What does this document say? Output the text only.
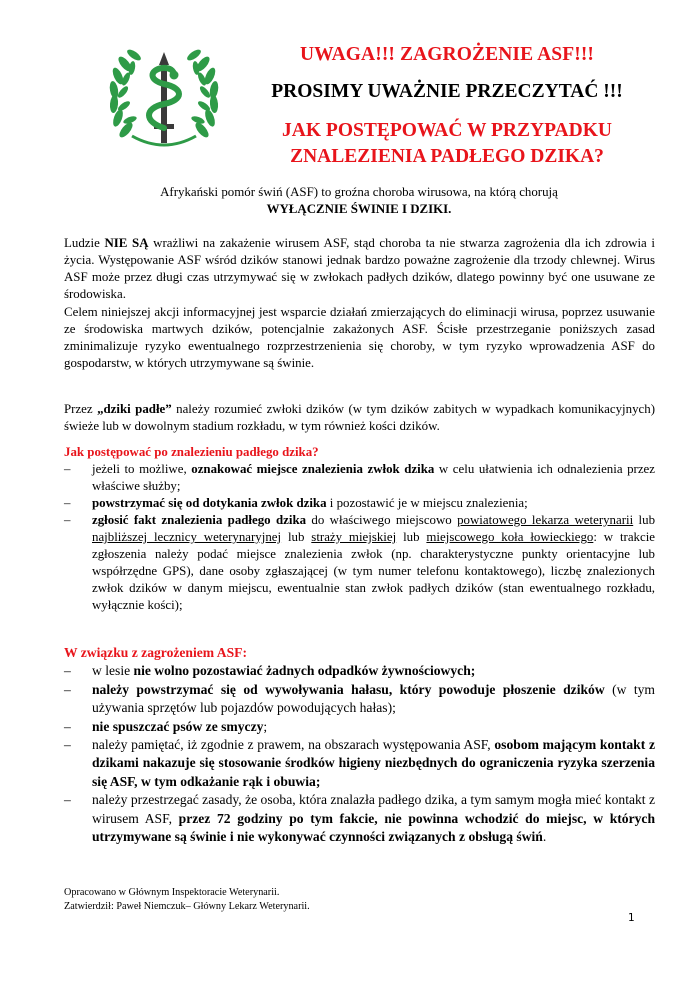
UWAGA!!! ZAGROŻENIE ASF!!!
PROSIMY UWAŻNIE PRZECZYTAĆ !!!
JAK POSTĘPOWAĆ W PRZYPADKU
ZNALEZIENIA PADŁEGO DZIKA?
Afrykański pomór świń (ASF) to groźna choroba wirusowa, na którą chorują
WYŁĄCZNIE ŚWINIE I DZIKI.
Ludzie NIE SĄ wrażliwi na zakażenie wirusem ASF, stąd choroba ta nie stwarza zagrożenia dla ich zdrowia i życia. Występowanie ASF wśród dzików stanowi jednak bardzo poważne zagrożenie dla trzody chlewnej. Wirus ASF może przez długi czas utrzymywać się w zwłokach padłych dzików, dlatego powinny być one usuwane ze środowiska.
Celem niniejszej akcji informacyjnej jest wsparcie działań zmierzających do eliminacji wirusa, poprzez usuwanie ze środowiska martwych dzików, potencjalnie zakażonych ASF. Ścisłe przestrzeganie poniższych zasad zminimalizuje ryzyko ewentualnego rozprzestrzenienia się choroby, w tym ryzyko wprowadzenia ASF do gospodarstw, w których utrzymywane są świnie.
Przez „dziki padłe” należy rozumieć zwłoki dzików (w tym dzików zabitych w wypadkach komunikacyjnych) świeże lub w dowolnym stadium rozkładu, w tym również kości dzików.
Jak postępować po znalezieniu padłego dzika?
– jeżeli to możliwe, oznakować miejsce znalezienia zwłok dzika w celu ułatwienia ich odnalezienia przez właściwe służby;
– powstrzymać się od dotykania zwłok dzika i pozostawić je w miejscu znalezienia;
– zgłosić fakt znalezienia padłego dzika do właściwego miejscowo powiatowego lekarza weterynarii lub najbliższej lecznicy weterynaryjnej lub straży miejskiej lub miejscowego koła łowieckiego: w trakcie zgłoszenia należy podać miejsce znalezienia zwłok (np. charakterystyczne punkty orientacyjne lub współrzędne GPS), dane osoby zgłaszającej (w tym numer telefonu kontaktowego), liczbę znalezionych zwłok dzików w danym miejscu, ewentualnie stan zwłok padłych dzików (stan ewentualnego rozkładu, wyłącznie kości);
W związku z zagrożeniem ASF:
– w lesie nie wolno pozostawiać żadnych odpadków żywnościowych;
– należy powstrzymać się od wywoływania hałasu, który powoduje płoszenie dzików (w tym używania sprzętów lub pojazdów powodujących hałas);
– nie spuszczać psów ze smyczy;
– należy pamiętać, iż zgodnie z prawem, na obszarach występowania ASF, osobom mającym kontakt z dzikami nakazuje się stosowanie środków higieny niezbędnych do ograniczenia ryzyka szerzenia się ASF, w tym odkażanie rąk i obuwia;
– należy przestrzegać zasady, że osoba, która znalazła padłego dzika, a tym samym mogła mieć kontakt z wirusem ASF, przez 72 godziny po tym fakcie, nie powinna wchodzić do miejsc, w których utrzymywane są świnie i nie wykonywać czynności związanych z obsługą świń.
Opracowano w Głównym Inspektoracie Weterynarii.
Zatwierdził: Paweł Niemczuk– Główny Lekarz Weterynarii.
1
